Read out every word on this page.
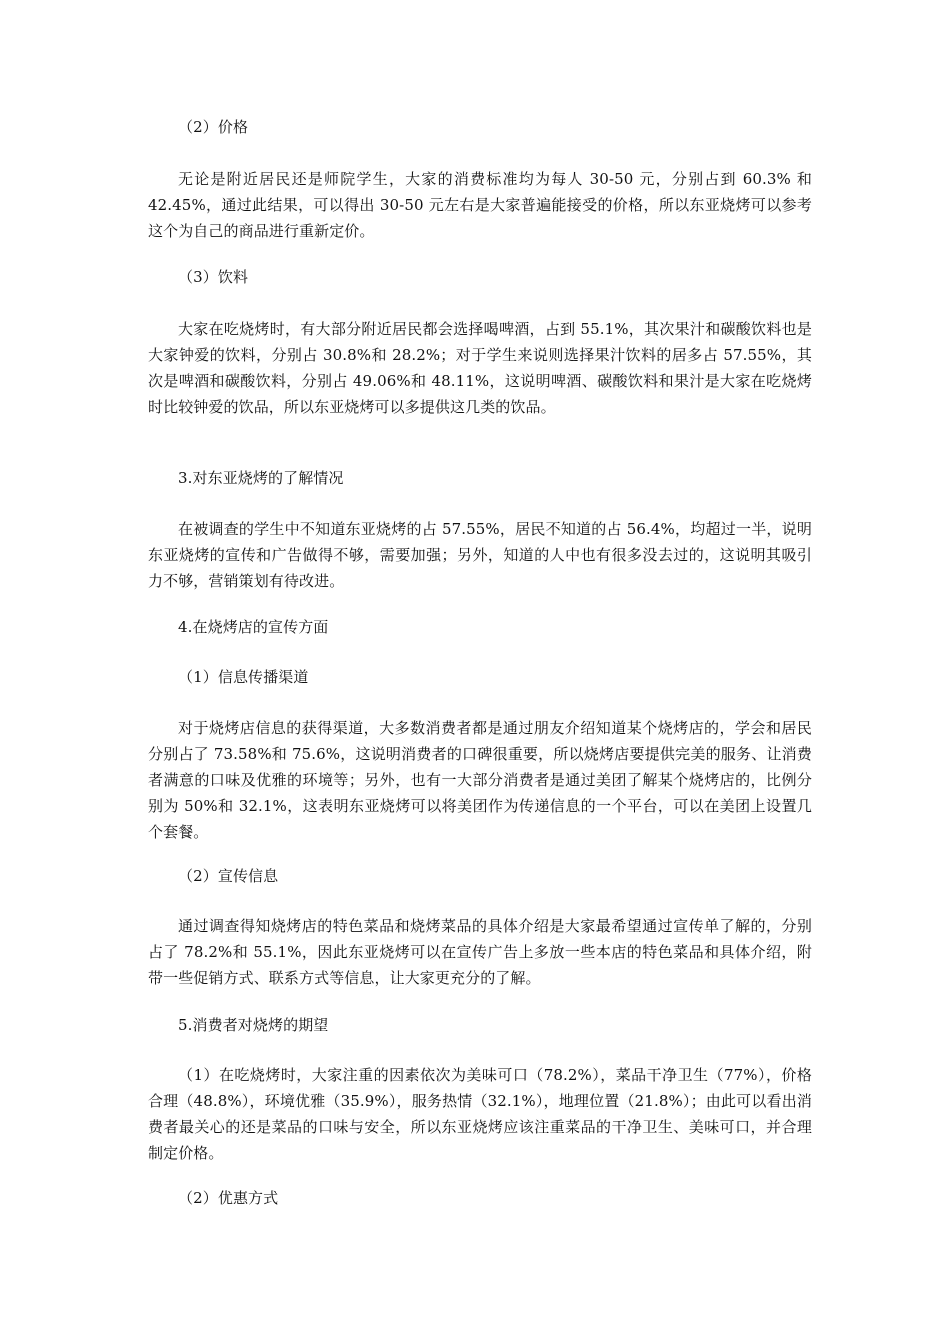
（2）价格

无论是附近居民还是师院学生，大家的消费标准均为每人 30-50 元，分别占到 60.3% 和 42.45%，通过此结果，可以得出 30-50 元左右是大家普遍能接受的价格，所以东亚烧烤可以参考这个为自己的商品进行重新定价。

（3）饮料

大家在吃烧烤时，有大部分附近居民都会选择喝啤酒，占到 55.1%，其次果汁和碳酸饮料也是大家钟爱的饮料，分别占 30.8%和 28.2%；对于学生来说则选择果汁饮料的居多占 57.55%，其次是啤酒和碳酸饮料，分别占 49.06%和 48.11%，这说明啤酒、碳酸饮料和果汁是大家在吃烧烤时比较钟爱的饮品，所以东亚烧烤可以多提供这几类的饮品。

3.对东亚烧烤的了解情况

在被调查的学生中不知道东亚烧烤的占 57.55%，居民不知道的占 56.4%，均超过一半，说明东亚烧烤的宣传和广告做得不够，需要加强；另外，知道的人中也有很多没去过的，这说明其吸引力不够，营销策划有待改进。

4.在烧烤店的宣传方面

（1）信息传播渠道

对于烧烤店信息的获得渠道，大多数消费者都是通过朋友介绍知道某个烧烤店的，学会和居民分别占了 73.58%和 75.6%，这说明消费者的口碑很重要，所以烧烤店要提供完美的服务、让消费者满意的口味及优雅的环境等；另外，也有一大部分消费者是通过美团了解某个烧烤店的，比例分别为 50%和 32.1%，这表明东亚烧烤可以将美团作为传递信息的一个平台，可以在美团上设置几个套餐。

（2）宣传信息

通过调查得知烧烤店的特色菜品和烧烤菜品的具体介绍是大家最希望通过宣传单了解的，分别占了 78.2%和 55.1%，因此东亚烧烤可以在宣传广告上多放一些本店的特色菜品和具体介绍，附带一些促销方式、联系方式等信息，让大家更充分的了解。

5.消费者对烧烤的期望

（1）在吃烧烤时，大家注重的因素依次为美味可口（78.2%），菜品干净卫生（77%），价格合理（48.8%），环境优雅（35.9%），服务热情（32.1%），地理位置（21.8%）；由此可以看出消费者最关心的还是菜品的口味与安全，所以东亚烧烤应该注重菜品的干净卫生、美味可口，并合理制定价格。

（2）优惠方式
